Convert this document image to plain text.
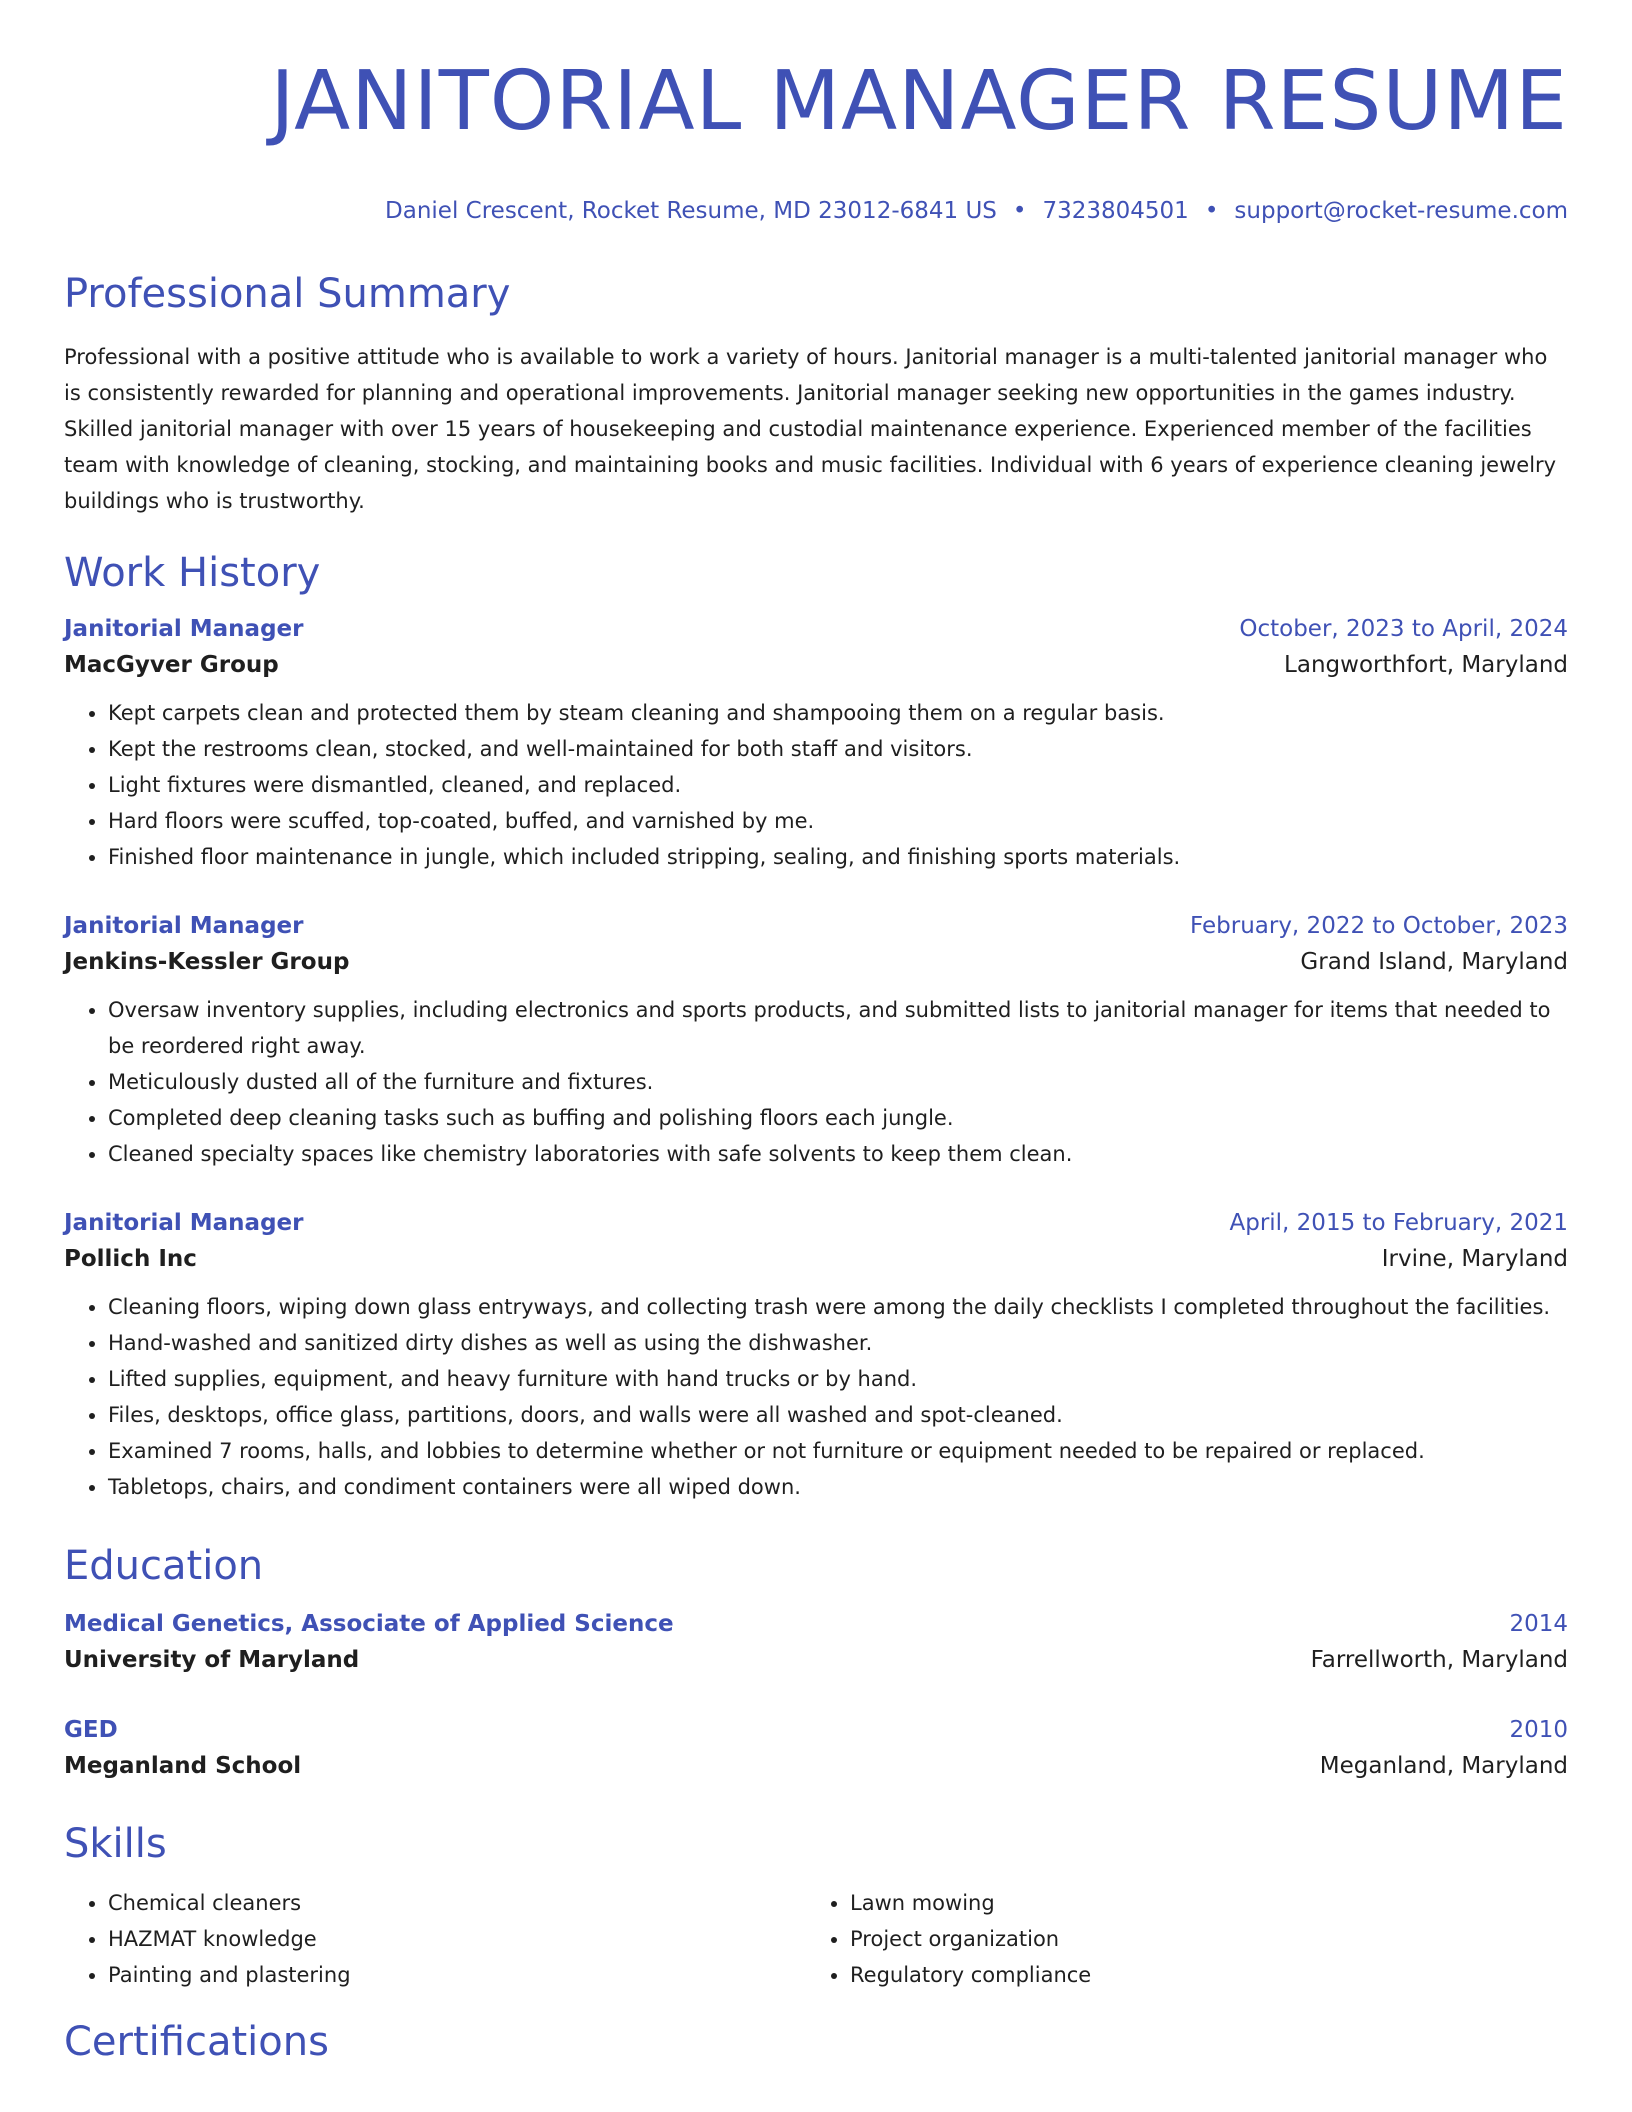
JANITORIAL MANAGER RESUME
Daniel Crescent, Rocket Resume, MD 23012-6841 US • 7323804501 • support@rocket-resume.com
Professional Summary
Professional with a positive attitude who is available to work a variety of hours. Janitorial manager is a multi-talented janitorial manager who is consistently rewarded for planning and operational improvements. Janitorial manager seeking new opportunities in the games industry. Skilled janitorial manager with over 15 years of housekeeping and custodial maintenance experience. Experienced member of the facilities team with knowledge of cleaning, stocking, and maintaining books and music facilities. Individual with 6 years of experience cleaning jewelry buildings who is trustworthy.
Work History
Janitorial Manager	October, 2023 to April, 2024
MacGyver Group	Langworthfort, Maryland
• Kept carpets clean and protected them by steam cleaning and shampooing them on a regular basis.
• Kept the restrooms clean, stocked, and well-maintained for both staff and visitors.
• Light fixtures were dismantled, cleaned, and replaced.
• Hard floors were scuffed, top-coated, buffed, and varnished by me.
• Finished floor maintenance in jungle, which included stripping, sealing, and finishing sports materials.
Janitorial Manager	February, 2022 to October, 2023
Jenkins-Kessler Group	Grand Island, Maryland
• Oversaw inventory supplies, including electronics and sports products, and submitted lists to janitorial manager for items that needed to be reordered right away.
• Meticulously dusted all of the furniture and fixtures.
• Completed deep cleaning tasks such as buffing and polishing floors each jungle.
• Cleaned specialty spaces like chemistry laboratories with safe solvents to keep them clean.
Janitorial Manager	April, 2015 to February, 2021
Pollich Inc	Irvine, Maryland
• Cleaning floors, wiping down glass entryways, and collecting trash were among the daily checklists I completed throughout the facilities.
• Hand-washed and sanitized dirty dishes as well as using the dishwasher.
• Lifted supplies, equipment, and heavy furniture with hand trucks or by hand.
• Files, desktops, office glass, partitions, doors, and walls were all washed and spot-cleaned.
• Examined 7 rooms, halls, and lobbies to determine whether or not furniture or equipment needed to be repaired or replaced.
• Tabletops, chairs, and condiment containers were all wiped down.
Education
Medical Genetics, Associate of Applied Science	2014
University of Maryland	Farrellworth, Maryland
GED	2010
Meganland School	Meganland, Maryland
Skills
• Chemical cleaners
• HAZMAT knowledge
• Painting and plastering
• Lawn mowing
• Project organization
• Regulatory compliance
Certifications
